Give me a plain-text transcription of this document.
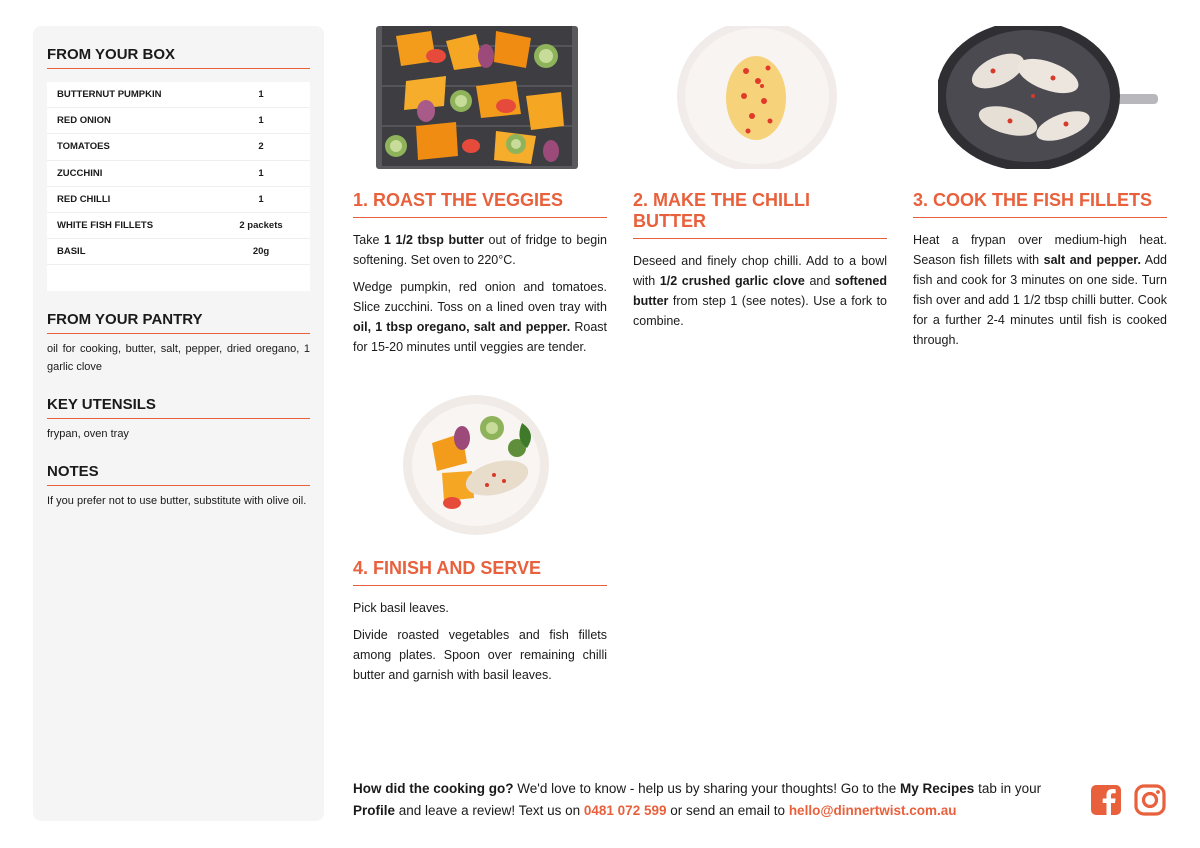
FROM YOUR BOX
BUTTERNUT PUMPKIN	1
RED ONION	1
TOMATOES	2
ZUCCHINI	1
RED CHILLI	1
WHITE FISH FILLETS	2 packets
BASIL	20g
FROM YOUR PANTRY
oil for cooking, butter, salt, pepper, dried oregano, 1 garlic clove
KEY UTENSILS
frypan, oven tray
NOTES
If you prefer not to use butter, substitute with olive oil.
1. ROAST THE VEGGIES

Take 1 1/2 tbsp butter out of fridge to begin softening. Set oven to 220°C.

Wedge pumpkin, red onion and tomatoes. Slice zucchini. Toss on a lined oven tray with oil, 1 tbsp oregano, salt and pepper. Roast for 15-20 minutes until veggies are tender.

2. MAKE THE CHILLI BUTTER

Deseed and finely chop chilli. Add to a bowl with 1/2 crushed garlic clove and softened butter from step 1 (see notes). Use a fork to combine.

3. COOK THE FISH FILLETS

Heat a frypan over medium-high heat. Season fish fillets with salt and pepper. Add fish and cook for 3 minutes on one side. Turn fish over and add 1 1/2 tbsp chilli butter. Cook for a further 2-4 minutes until fish is cooked through.

4. FINISH AND SERVE

Pick basil leaves.

Divide roasted vegetables and fish fillets among plates. Spoon over remaining chilli butter and garnish with basil leaves.

How did the cooking go? We'd love to know - help us by sharing your thoughts! Go to the My Recipes tab in your Profile and leave a review! Text us on 0481 072 599 or send an email to hello@dinnertwist.com.au
